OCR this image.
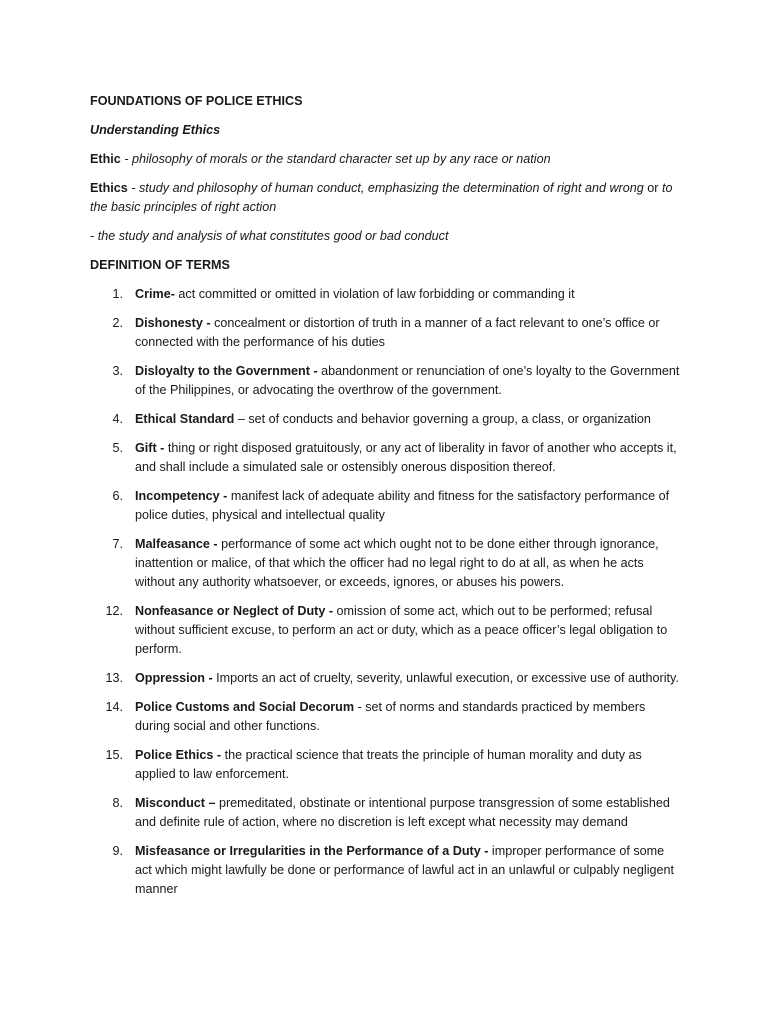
FOUNDATIONS OF POLICE ETHICS

Understanding Ethics

Ethic - philosophy of morals or the standard character set up by any race or nation

Ethics - study and philosophy of human conduct, emphasizing the determination of right and wrong or to the basic principles of right action

- the study and analysis of what constitutes good or bad conduct

DEFINITION OF TERMS

1. Crime- act committed or omitted in violation of law forbidding or commanding it
2. Dishonesty - concealment or distortion of truth in a manner of a fact relevant to one’s office or connected with the performance of his duties
3. Disloyalty to the Government - abandonment or renunciation of one’s loyalty to the Government of the Philippines, or advocating the overthrow of the government.
4. Ethical Standard – set of conducts and behavior governing a group, a class, or organization
5. Gift - thing or right disposed gratuitously, or any act of liberality in favor of another who accepts it, and shall include a simulated sale or ostensibly onerous disposition thereof.
6. Incompetency - manifest lack of adequate ability and fitness for the satisfactory performance of police duties, physical and intellectual quality
7. Malfeasance - performance of some act which ought not to be done either through ignorance, inattention or malice, of that which the officer had no legal right to do at all, as when he acts without any authority whatsoever, or exceeds, ignores, or abuses his powers.
12. Nonfeasance or Neglect of Duty - omission of some act, which out to be performed; refusal without sufficient excuse, to perform an act or duty, which as a peace officer’s legal obligation to perform.
13. Oppression - Imports an act of cruelty, severity, unlawful execution, or excessive use of authority.
14. Police Customs and Social Decorum - set of norms and standards practiced by members during social and other functions.
15. Police Ethics - the practical science that treats the principle of human morality and duty as applied to law enforcement.
8. Misconduct – premeditated, obstinate or intentional purpose transgression of some established and definite rule of action, where no discretion is left except what necessity may demand
9. Misfeasance or Irregularities in the Performance of a Duty - improper performance of some act which might lawfully be done or performance of lawful act in an unlawful or culpably negligent manner
